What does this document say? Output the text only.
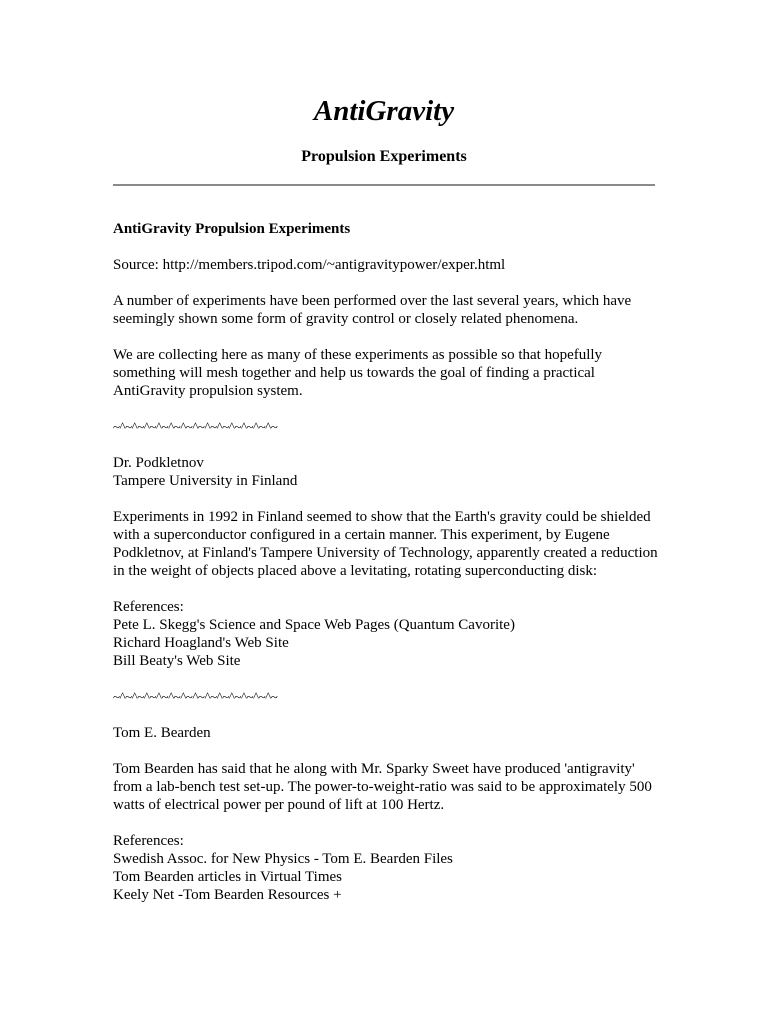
AntiGravity
Propulsion Experiments

AntiGravity Propulsion Experiments

Source: http://members.tripod.com/~antigravitypower/exper.html

A number of experiments have been performed over the last several years, which have seemingly shown some form of gravity control or closely related phenomena.

We are collecting here as many of these experiments as possible so that hopefully something will mesh together and help us towards the goal of finding a practical AntiGravity propulsion system.

~^~^~^~^~^~^~^~^~^~^~^~^~^~

Dr. Podkletnov
Tampere University in Finland

Experiments in 1992 in Finland seemed to show that the Earth's gravity could be shielded with a superconductor configured in a certain manner. This experiment, by Eugene Podkletnov, at Finland's Tampere University of Technology, apparently created a reduction in the weight of objects placed above a levitating, rotating superconducting disk:

References:
Pete L. Skegg's Science and Space Web Pages (Quantum Cavorite)
Richard Hoagland's Web Site
Bill Beaty's Web Site

~^~^~^~^~^~^~^~^~^~^~^~^~^~

Tom E. Bearden

Tom Bearden has said that he along with Mr. Sparky Sweet have produced 'antigravity' from a lab-bench test set-up. The power-to-weight-ratio was said to be approximately 500 watts of electrical power per pound of lift at 100 Hertz.

References:
Swedish Assoc. for New Physics - Tom E. Bearden Files
Tom Bearden articles in Virtual Times
Keely Net -Tom Bearden Resources +
